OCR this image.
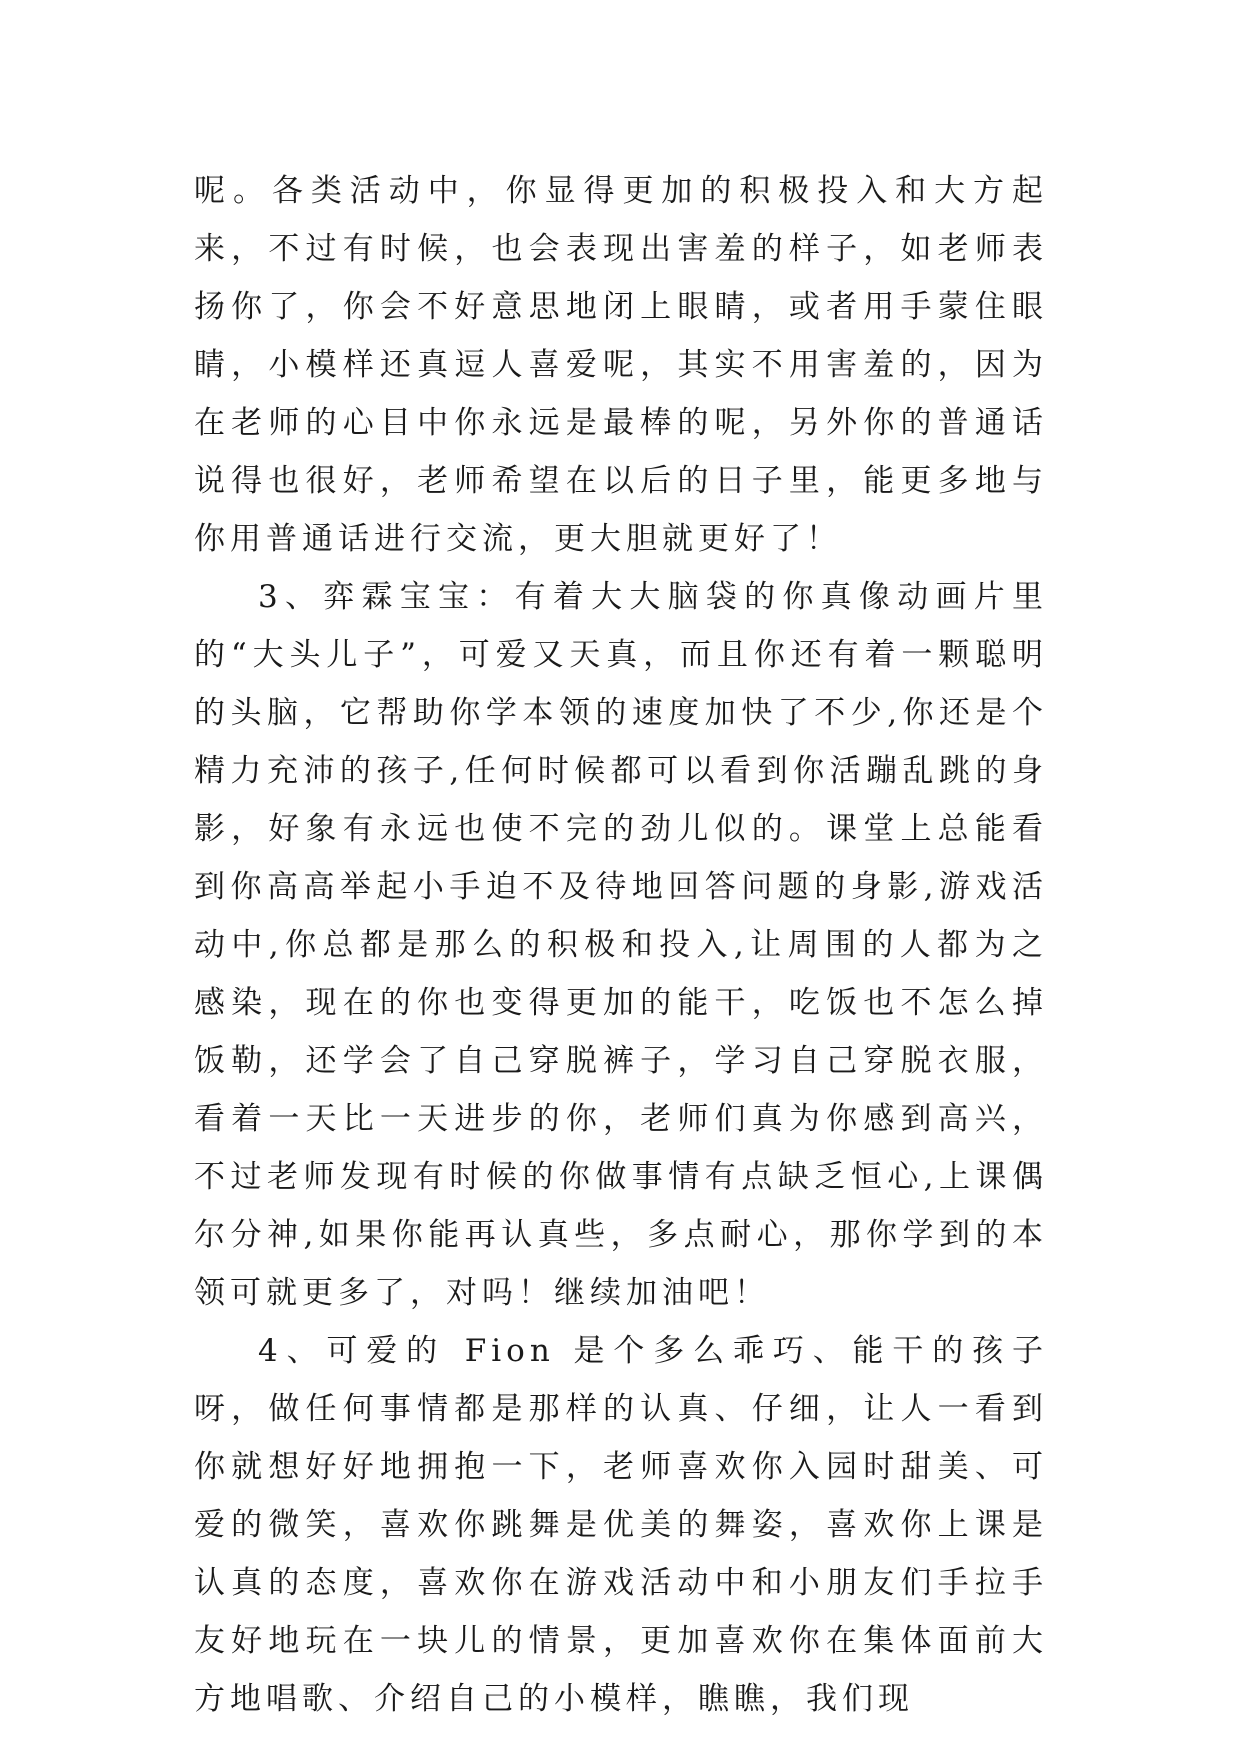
呢。各类活动中，你显得更加的积极投入和大方起来，不过有时候，也会表现出害羞的样子，如老师表扬你了，你会不好意思地闭上眼睛，或者用手蒙住眼睛，小模样还真逗人喜爱呢，其实不用害羞的，因为在老师的心目中你永远是最棒的呢，另外你的普通话说得也很好，老师希望在以后的日子里，能更多地与你用普通话进行交流，更大胆就更好了！

3、弈霖宝宝：有着大大脑袋的你真像动画片里的“大头儿子”，可爱又天真，而且你还有着一颗聪明的头脑，它帮助你学本领的速度加快了不少,你还是个精力充沛的孩子,任何时候都可以看到你活蹦乱跳的身影，好象有永远也使不完的劲儿似的。课堂上总能看到你高高举起小手迫不及待地回答问题的身影,游戏活动中,你总都是那么的积极和投入,让周围的人都为之感染，现在的你也变得更加的能干，吃饭也不怎么掉饭勒，还学会了自己穿脱裤子，学习自己穿脱衣服，看着一天比一天进步的你，老师们真为你感到高兴，不过老师发现有时候的你做事情有点缺乏恒心,上课偶尔分神,如果你能再认真些，多点耐心，那你学到的本领可就更多了，对吗！继续加油吧！

4、可爱的 Fion 是个多么乖巧、能干的孩子呀，做任何事情都是那样的认真、仔细，让人一看到你就想好好地拥抱一下，老师喜欢你入园时甜美、可爱的微笑，喜欢你跳舞是优美的舞姿，喜欢你上课是认真的态度，喜欢你在游戏活动中和小朋友们手拉手友好地玩在一块儿的情景，更加喜欢你在集体面前大方地唱歌、介绍自己的小模样，瞧瞧，我们现
